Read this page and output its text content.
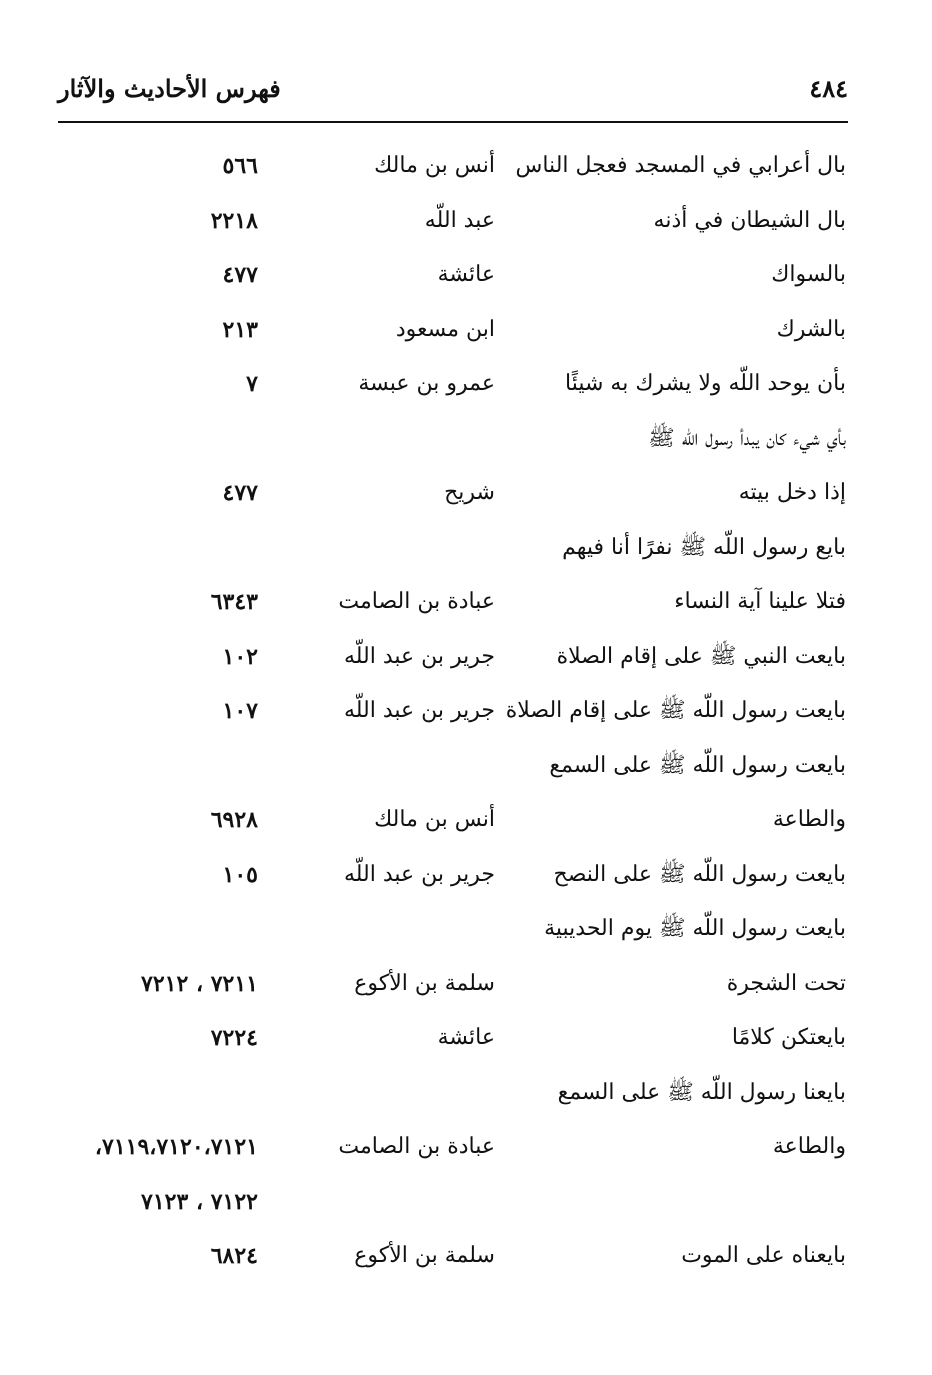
فهرس الأحاديث والآثار	٤٨٤
بال أعرابي في المسجد فعجل الناس
أنس بن مالك
٥٦٦
بال الشيطان في أذنه
عبد اللّه
٢٢١٨
بالسواك
عائشة
٤٧٧
بالشرك
ابن مسعود
٢١٣
بأن يوحد اللّه ولا يشرك به شيئًا
عمرو بن عبسة
٧
بأي شيء كان يبدأ رسول اللّه ﷺ
إذا دخل بيته
شريح
٤٧٧
بايع رسول اللّه ﷺ نفرًا أنا فيهم
فتلا علينا آية النساء
عبادة بن الصامت
٦٣٤٣
بايعت النبي ﷺ على إقام الصلاة
جرير بن عبد اللّه
١٠٢
بايعت رسول اللّه ﷺ على إقام الصلاة
جرير بن عبد اللّه
١٠٧
بايعت رسول اللّه ﷺ على السمع
والطاعة
أنس بن مالك
٦٩٢٨
بايعت رسول اللّه ﷺ على النصح
جرير بن عبد اللّه
١٠٥
بايعت رسول اللّه ﷺ يوم الحديبية
تحت الشجرة
سلمة بن الأكوع
٧٢١١ ، ٧٢١٢
بايعتكن كلامًا
عائشة
٧٢٢٤
بايعنا رسول اللّه ﷺ على السمع
والطاعة
عبادة بن الصامت
٧١١٩،٧١٢٠،٧١٢١،
٧١٢٢ ، ٧١٢٣
بايعناه على الموت
سلمة بن الأكوع
٦٨٢٤
